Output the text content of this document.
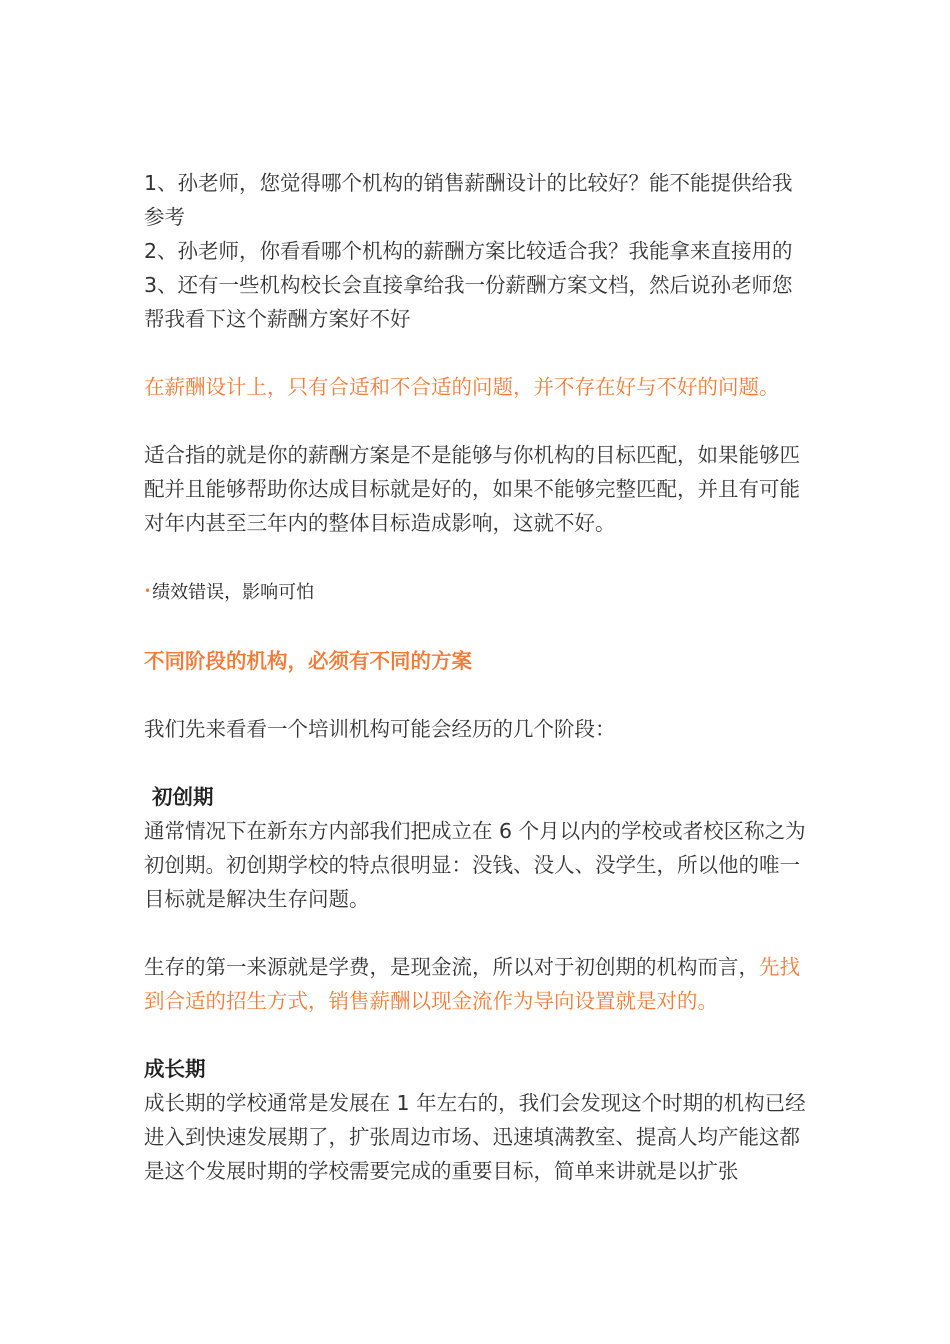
1、孙老师，您觉得哪个机构的销售薪酬设计的比较好？能不能提供给我参考

2、孙老师，你看看哪个机构的薪酬方案比较适合我？我能拿来直接用的

3、还有一些机构校长会直接拿给我一份薪酬方案文档，然后说孙老师您帮我看下这个薪酬方案好不好

在薪酬设计上，只有合适和不合适的问题，并不存在好与不好的问题。

适合指的就是你的薪酬方案是不是能够与你机构的目标匹配，如果能够匹配并且能够帮助你达成目标就是好的，如果不能够完整匹配，并且有可能对年内甚至三年内的整体目标造成影响，这就不好。

•绩效错误，影响可怕

不同阶段的机构，必须有不同的方案

我们先来看看一个培训机构可能会经历的几个阶段：

初创期

通常情况下在新东方内部我们把成立在 6 个月以内的学校或者校区称之为初创期。初创期学校的特点很明显：没钱、没人、没学生，所以他的唯一目标就是解决生存问题。

生存的第一来源就是学费，是现金流，所以对于初创期的机构而言，先找到合适的招生方式，销售薪酬以现金流作为导向设置就是对的。

成长期

成长期的学校通常是发展在 1 年左右的，我们会发现这个时期的机构已经进入到快速发展期了，扩张周边市场、迅速填满教室、提高人均产能这都是这个发展时期的学校需要完成的重要目标，简单来讲就是以扩张
